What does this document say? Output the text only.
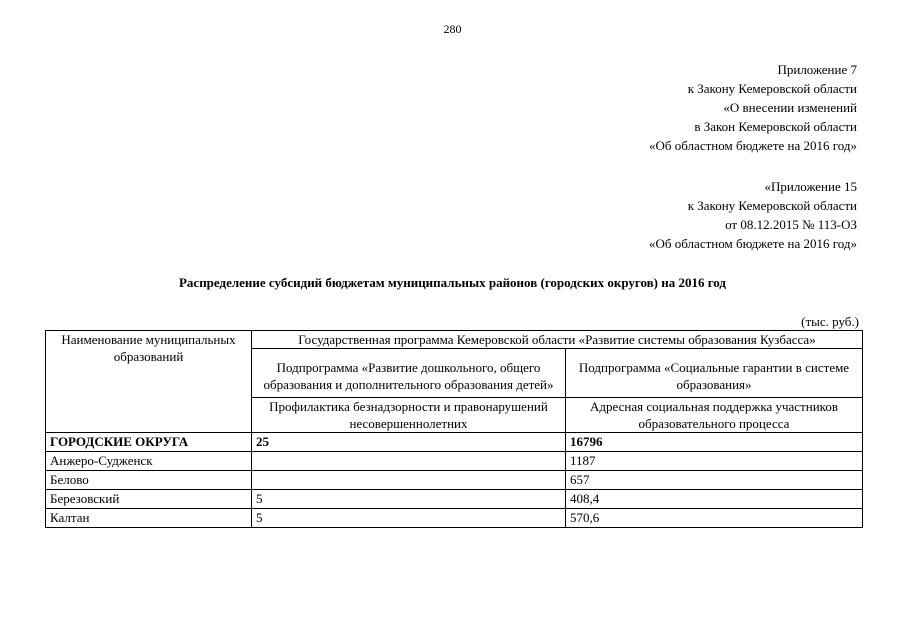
280
Приложение 7
к Закону Кемеровской области
«О внесении изменений
в Закон Кемеровской области
«Об областном бюджете на 2016 год»
«Приложение 15
к Закону Кемеровской области
от 08.12.2015 № 113-ОЗ
«Об областном бюджете на 2016 год»
Распределение субсидий бюджетам муниципальных районов (городских округов) на 2016 год
(тыс. руб.)
Наименование муниципальных образований	Государственная программа Кемеровской области «Развитие системы образования Кузбасса»	
	Подпрограмма «Развитие дошкольного, общего образования и дополнительного образования детей»	Подпрограмма «Социальные гарантии в системе образования»
	Профилактика безнадзорности и правонарушений несовершеннолетних	Адресная социальная поддержка участников образовательного процесса
ГОРОДСКИЕ ОКРУГА	25	16796
Анжеро-Судженск		1187
Белово		657
Березовский	5	408,4
Калтан	5	570,6
